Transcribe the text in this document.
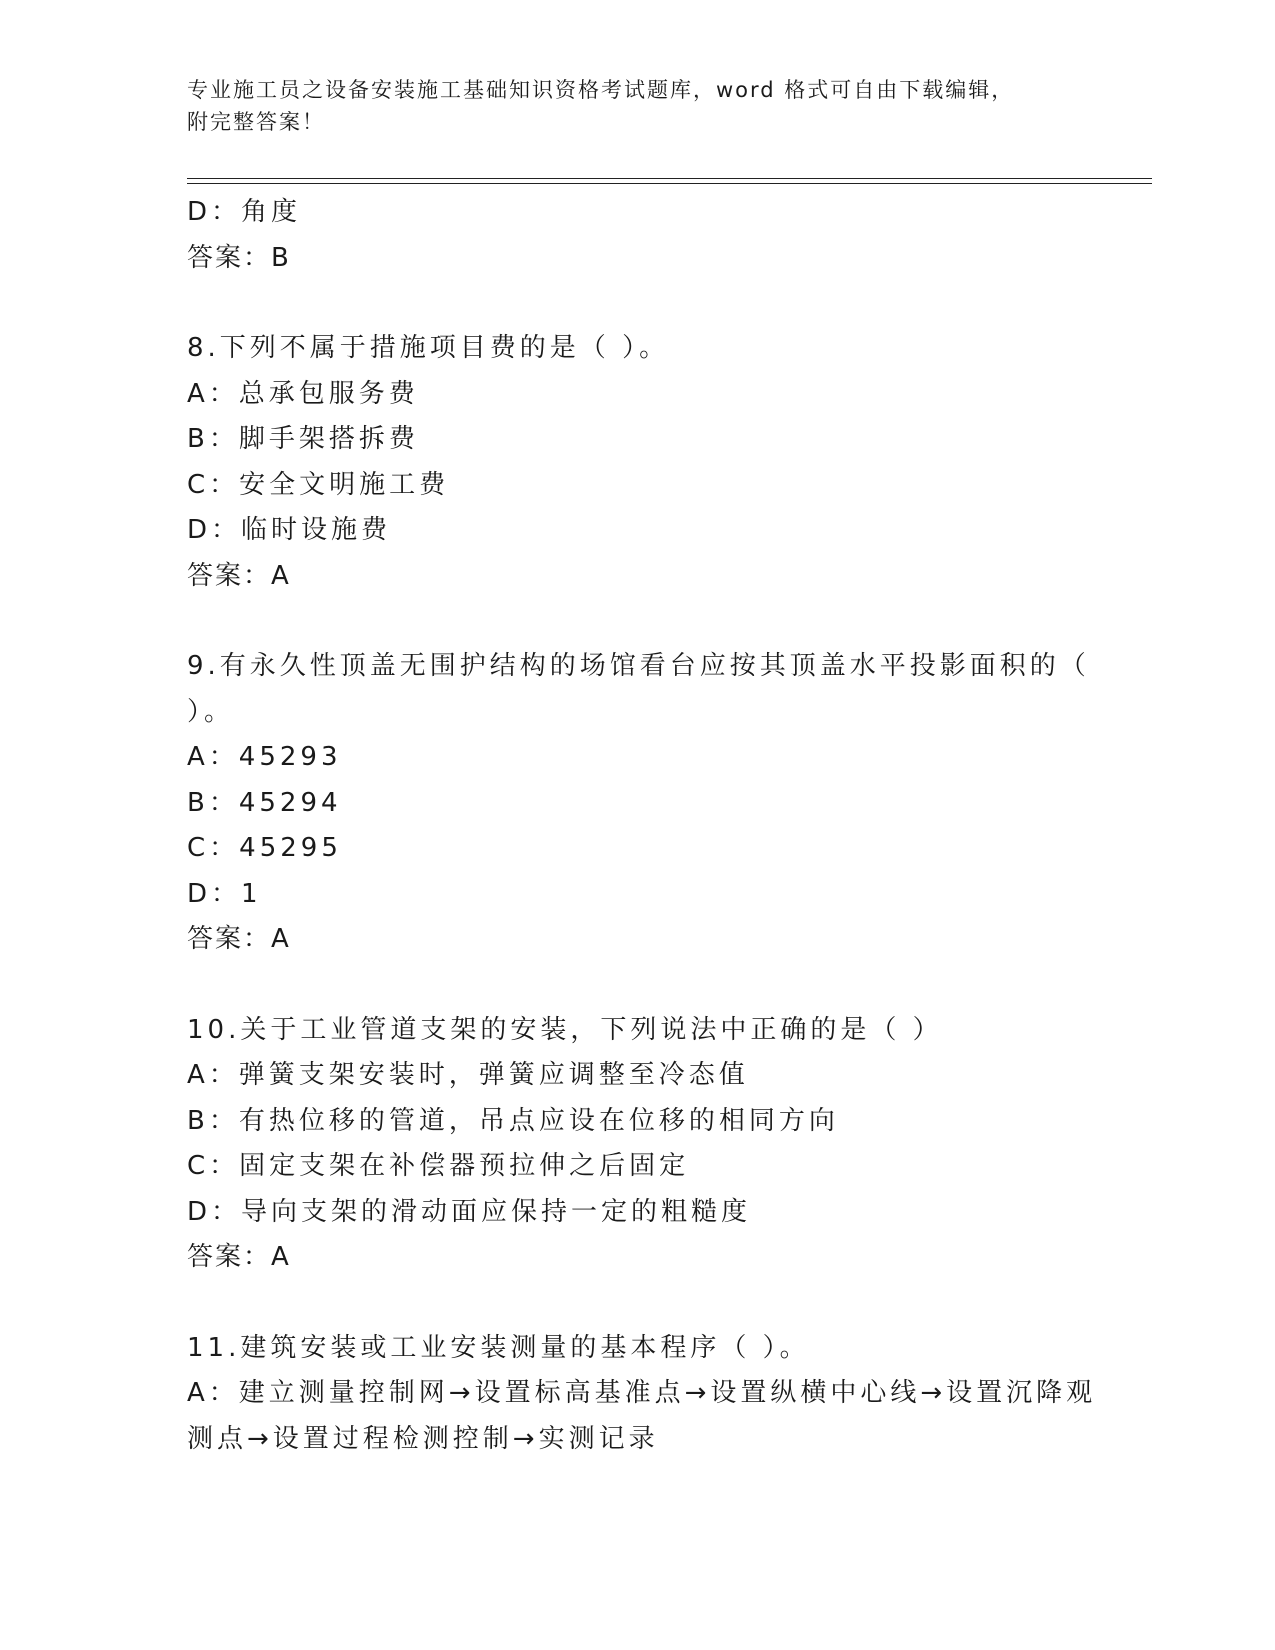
专业施工员之设备安装施工基础知识资格考试题库，word 格式可自由下载编辑，
附完整答案！
D：角度
答案：B
8.下列不属于措施项目费的是（ ）。
A：总承包服务费
B：脚手架搭拆费
C：安全文明施工费
D：临时设施费
答案：A
9.有永久性顶盖无围护结构的场馆看台应按其顶盖水平投影面积的（
）。
A：45293
B：45294
C：45295
D：1
答案：A
10.关于工业管道支架的安装，下列说法中正确的是（ ）
A：弹簧支架安装时，弹簧应调整至冷态值
B：有热位移的管道，吊点应设在位移的相同方向
C：固定支架在补偿器预拉伸之后固定
D：导向支架的滑动面应保持一定的粗糙度
答案：A
11.建筑安装或工业安装测量的基本程序（ ）。
A：建立测量控制网→设置标高基准点→设置纵横中心线→设置沉降观
测点→设置过程检测控制→实测记录
